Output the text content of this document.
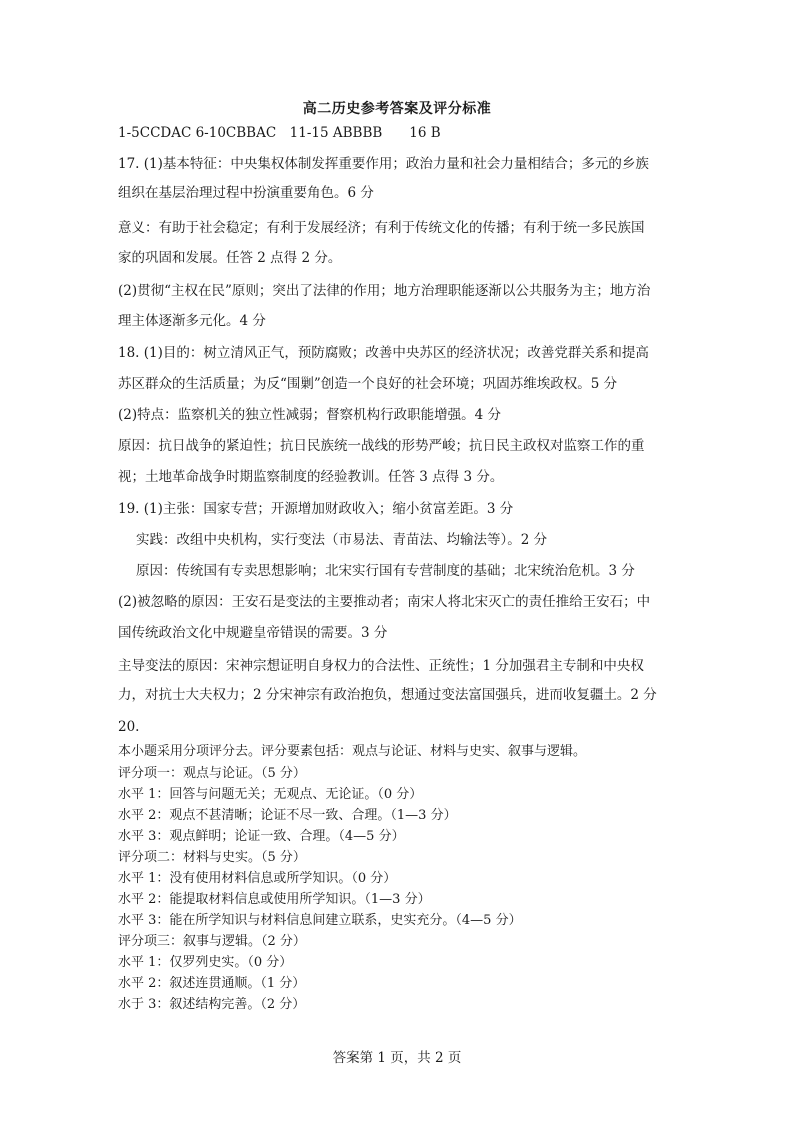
高二历史参考答案及评分标准
1-5CCDAC 6-10CBBAC　11-15 ABBBB　　16 B
17. (1)基本特征：中央集权体制发挥重要作用；政治力量和社会力量相结合；多元的乡族
组织在基层治理过程中扮演重要角色。6 分
意义：有助于社会稳定；有利于发展经济；有利于传统文化的传播；有利于统一多民族国
家的巩固和发展。任答 2 点得 2 分。
(2)贯彻“主权在民”原则；突出了法律的作用；地方治理职能逐渐以公共服务为主；地方治
理主体逐渐多元化。4 分
18. (1)目的：树立清风正气，预防腐败；改善中央苏区的经济状况；改善党群关系和提高
苏区群众的生活质量；为反“围剿”创造一个良好的社会环境；巩固苏维埃政权。5 分
(2)特点：监察机关的独立性减弱；督察机构行政职能增强。4 分
原因：抗日战争的紧迫性；抗日民族统一战线的形势严峻；抗日民主政权对监察工作的重
视；土地革命战争时期监察制度的经验教训。任答 3 点得 3 分。
19. (1)主张：国家专营；开源增加财政收入；缩小贫富差距。3 分
实践：改组中央机构，实行变法（市易法、青苗法、均输法等）。2 分
原因：传统国有专卖思想影响；北宋实行国有专营制度的基础；北宋统治危机。3 分
(2)被忽略的原因：王安石是变法的主要推动者；南宋人将北宋灭亡的责任推给王安石；中
国传统政治文化中规避皇帝错误的需要。3 分
主导变法的原因：宋神宗想证明自身权力的合法性、正统性；1 分加强君主专制和中央权
力，对抗士大夫权力；2 分宋神宗有政治抱负，想通过变法富国强兵，进而收复疆土。2 分
20.
本小题采用分项评分去。评分要素包括：观点与论证、材料与史实、叙事与逻辑。
评分项一：观点与论证。（5 分）
水平 1：回答与问题无关；无观点、无论证。（0 分）
水平 2：观点不甚清晰；论证不尽一致、合理。（1—3 分）
水平 3：观点鲜明；论证一致、合理。（4—5 分）
评分项二：材料与史实。（5 分）
水平 1：没有使用材料信息或所学知识。（0 分）
水平 2：能提取材料信息或使用所学知识。（1—3 分）
水平 3：能在所学知识与材料信息间建立联系，史实充分。（4—5 分）
评分项三：叙事与逻辑。（2 分）
水平 1：仅罗列史实。（0 分）
水平 2：叙述连贯通顺。（1 分）
水于 3：叙述结构完善。（2 分）
答案第 1 页，共 2 页
